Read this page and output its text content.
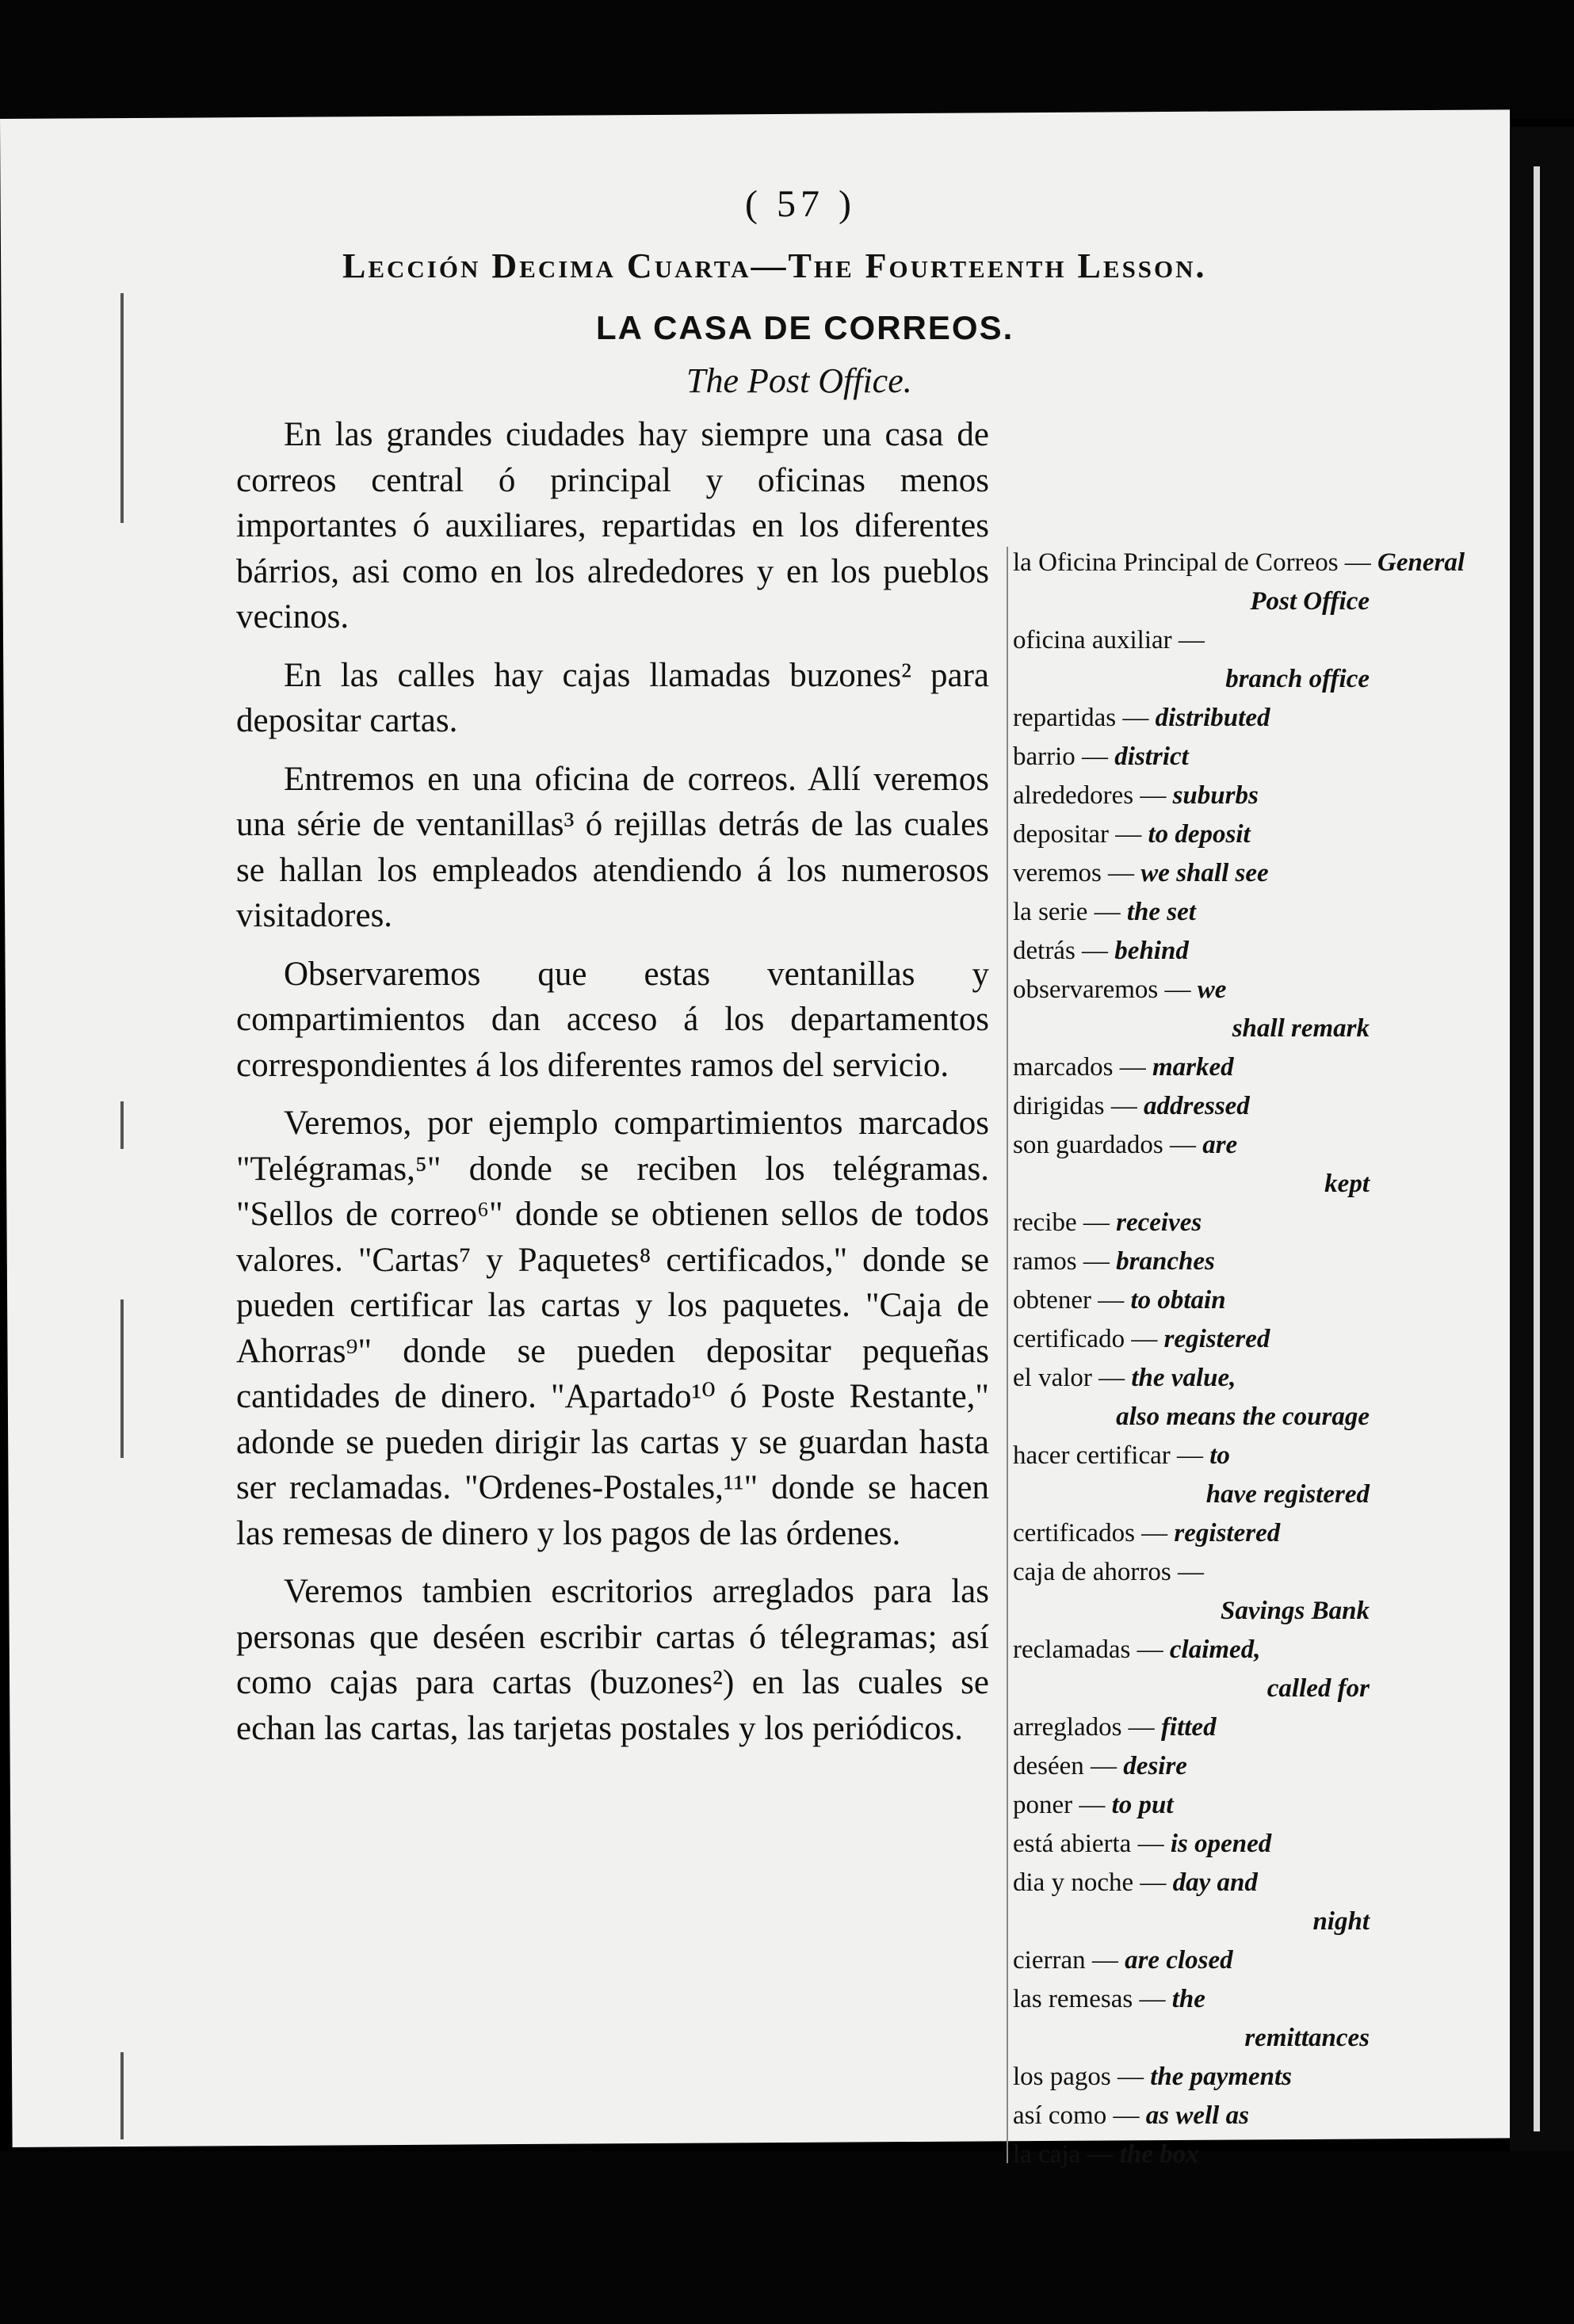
( 57 )

Lección Decima Cuarta—The Fourteenth Lesson.
LA CASA DE CORREOS.

The Post Office.

En las grandes ciudades hay siempre una casa de correos central ó principal y oficinas menos importantes ó auxiliares, repartidas en los diferentes bárrios, asi como en los alrededores y en los pueblos vecinos.

En las calles hay cajas llamadas buzones² para depositar cartas.

Entremos en una oficina de correos. Allí veremos una série de ventanillas³ ó rejillas detrás de las cuales se hallan los empleados atendiendo á los numerosos visitadores.

Observaremos que estas ventanillas y compartimientos dan acceso á los departamentos correspondientes á los diferentes ramos del servicio.

Veremos, por ejemplo compartimientos marcados "Telégramas,⁵" donde se reciben los telégramas. "Sellos de correo⁶" donde se obtienen sellos de todos valores. "Cartas⁷ y Paquetes⁸ certificados," donde se pueden certificar las cartas y los paquetes. "Caja de Ahorras⁹" donde se pueden depositar pequeñas cantidades de dinero. "Apartado¹⁰ ó Poste Restante," adonde se pueden dirigir las cartas y se guardan hasta ser reclamadas. "Ordenes-Postales,¹¹" donde se hacen las remesas de dinero y los pagos de las órdenes.

Veremos tambien escritorios arreglados para las personas que deséen escribir cartas ó télegramas; así como cajas para cartas (buzones²) en las cuales se echan las cartas, las tarjetas postales y los periódicos.

la Oficina Principal de Correos — General
Post Office

oficina auxiliar —
branch office

repartidas — distributed

barrio — district

alrededores — suburbs

depositar — to deposit

veremos — we shall see

la serie — the set

detrás — behind

observaremos — we
shall remark

marcados — marked

dirigidas — addressed

son guardados — are
kept

recibe — receives

ramos — branches

obtener — to obtain

certificado — registered

el valor — the value,
also means the courage

hacer certificar — to
have registered

certificados — registered

caja de ahorros —
Savings Bank

reclamadas — claimed,
called for

arreglados — fitted

deséen — desire

poner — to put

está abierta — is opened

dia y noche — day and
night

cierran — are closed

las remesas — the
remittances

los pagos — the payments

así como — as well as

la caja — the box
